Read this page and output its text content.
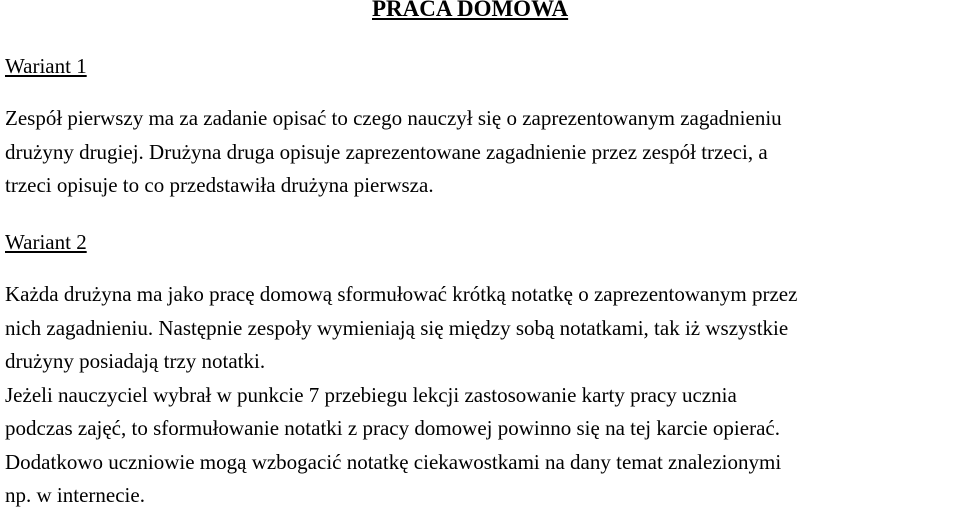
PRACA DOMOWA
Wariant 1
Zespół pierwszy ma za zadanie opisać to czego nauczył się o zaprezentowanym zagadnieniu
drużyny drugiej. Drużyna druga opisuje zaprezentowane zagadnienie przez zespół trzeci, a
trzeci opisuje to co przedstawiła drużyna pierwsza.
Wariant 2
Każda drużyna ma jako pracę domową sformułować krótką notatkę o zaprezentowanym przez
nich zagadnieniu. Następnie zespoły wymieniają się między sobą notatkami, tak iż wszystkie
drużyny posiadają trzy notatki.
Jeżeli nauczyciel wybrał w punkcie 7 przebiegu lekcji zastosowanie karty pracy ucznia
podczas zajęć, to sformułowanie notatki z pracy domowej powinno się na tej karcie opierać.
Dodatkowo uczniowie mogą wzbogacić notatkę ciekawostkami na dany temat znalezionymi
np. w internecie.
